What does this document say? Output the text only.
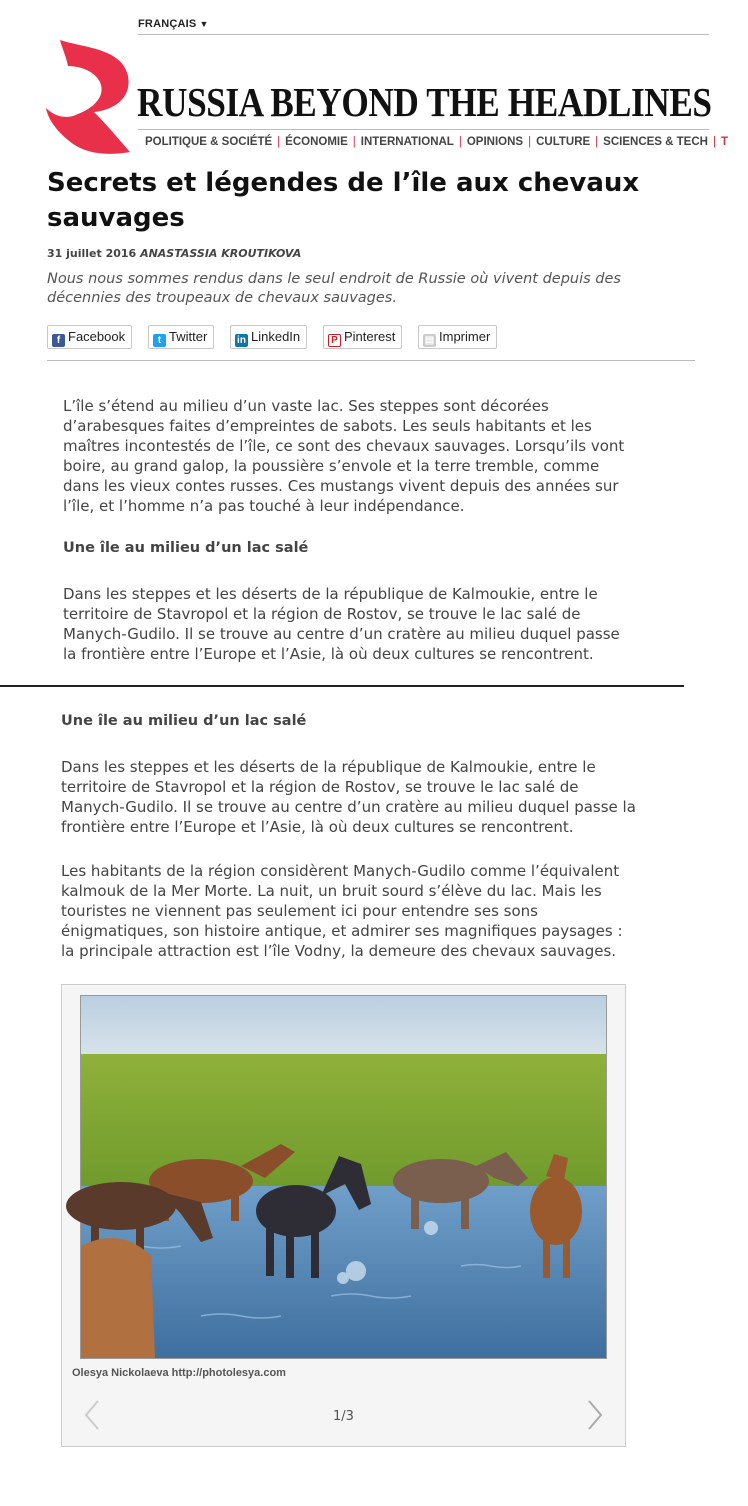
FRANÇAIS ▼
RUSSIA BEYOND THE HEADLINES
POLITIQUE & SOCIÉTÉ | ÉCONOMIE | INTERNATIONAL | OPINIONS | CULTURE | SCIENCES & TECH | T
Secrets et légendes de l’île aux chevaux sauvages
31 juillet 2016 ANASTASSIA KROUTIKOVA
Nous nous sommes rendus dans le seul endroit de Russie où vivent depuis des décennies des troupeaux de chevaux sauvages.
f Facebook	t Twitter	in LinkedIn	P Pinterest	▤ Imprimer
L’île s’étend au milieu d’un vaste lac. Ses steppes sont décorées d’arabesques faites d’empreintes de sabots. Les seuls habitants et les maîtres incontestés de l’île, ce sont des chevaux sauvages. Lorsqu’ils vont boire, au grand galop, la poussière s’envole et la terre tremble, comme dans les vieux contes russes. Ces mustangs vivent depuis des années sur l’île, et l’homme n’a pas touché à leur indépendance.
Une île au milieu d’un lac salé
Dans les steppes et les déserts de la république de Kalmoukie, entre le territoire de Stavropol et la région de Rostov, se trouve le lac salé de Manych-Gudilo. Il se trouve au centre d’un cratère au milieu duquel passe la frontière entre l’Europe et l’Asie, là où deux cultures se rencontrent.
Une île au milieu d’un lac salé
Dans les steppes et les déserts de la république de Kalmoukie, entre le territoire de Stavropol et la région de Rostov, se trouve le lac salé de Manych-Gudilo. Il se trouve au centre d’un cratère au milieu duquel passe la frontière entre l’Europe et l’Asie, là où deux cultures se rencontrent.
Les habitants de la région considèrent Manych-Gudilo comme l’équivalent kalmouk de la Mer Morte. La nuit, un bruit sourd s’élève du lac. Mais les touristes ne viennent pas seulement ici pour entendre ses sons énigmatiques, son histoire antique, et admirer ses magnifiques paysages : la principale attraction est l’île Vodny, la demeure des chevaux sauvages.
Olesya Nickolaeva http://photolesya.com
1/3
